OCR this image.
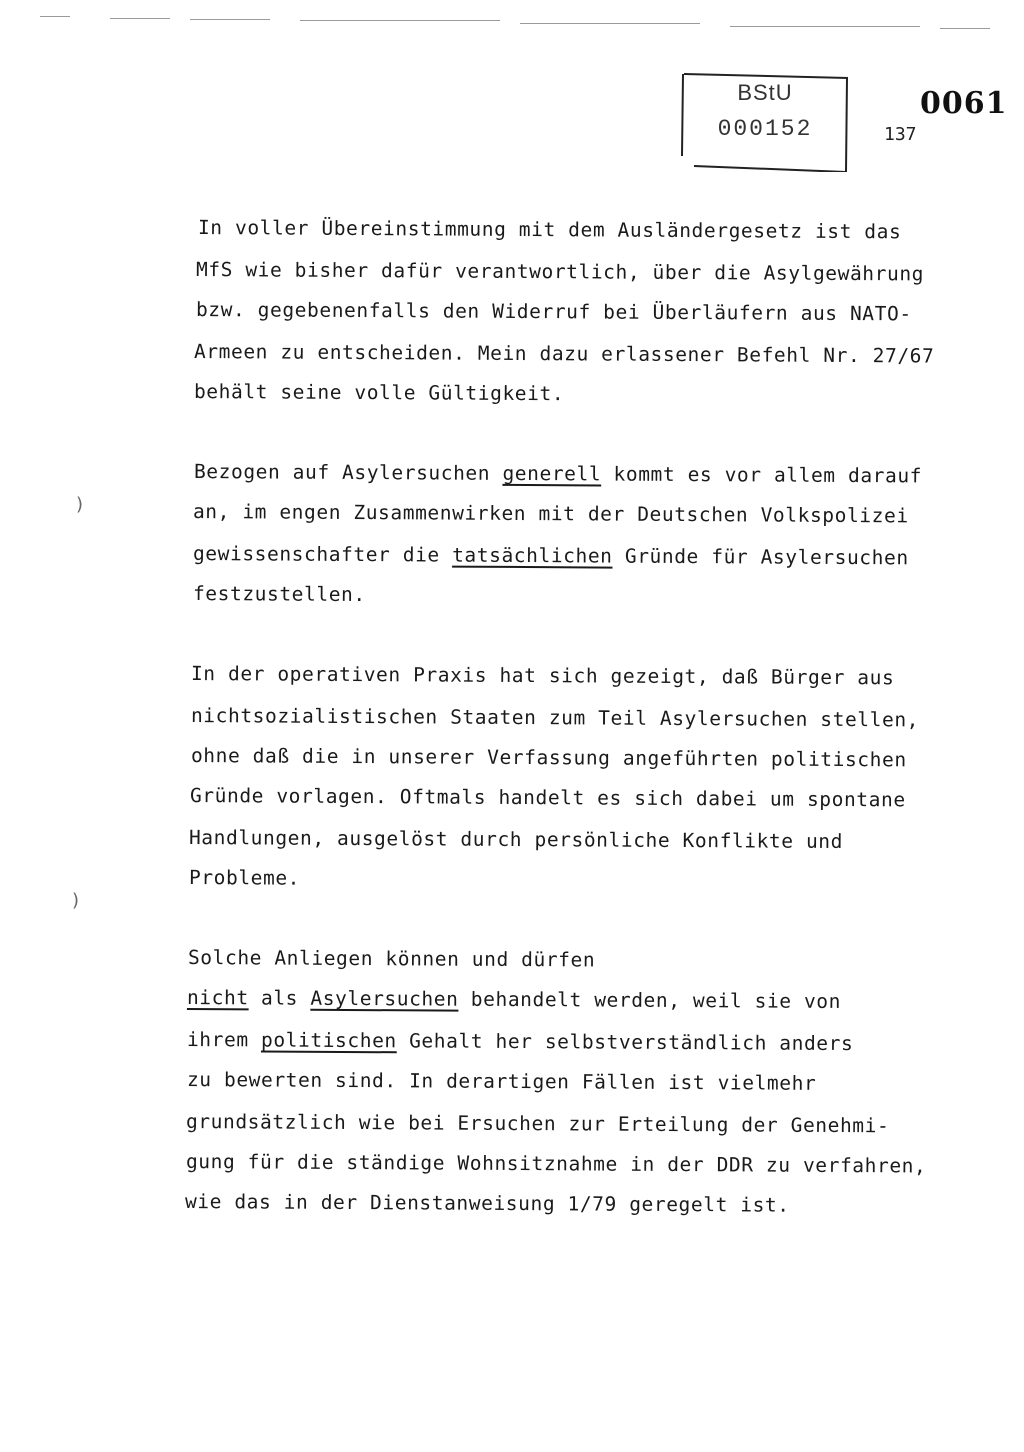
BStU
000152
0061
137
In voller Übereinstimmung mit dem Ausländergesetz ist das
MfS wie bisher dafür verantwortlich, über die Asylgewährung
bzw. gegebenenfalls den Widerruf bei Überläufern aus NATO-
Armeen zu entscheiden. Mein dazu erlassener Befehl Nr. 27/67
behält seine volle Gültigkeit.
Bezogen auf Asylersuchen generell kommt es vor allem darauf
an, im engen Zusammenwirken mit der Deutschen Volkspolizei
gewissenschafter die tatsächlichen Gründe für Asylersuchen
festzustellen.
In der operativen Praxis hat sich gezeigt, daß Bürger aus
nichtsozialistischen Staaten zum Teil Asylersuchen stellen,
ohne daß die in unserer Verfassung angeführten politischen
Gründe vorlagen. Oftmals handelt es sich dabei um spontane
Handlungen, ausgelöst durch persönliche Konflikte und
Probleme.
Solche Anliegen können und dürfen
nicht als Asylersuchen behandelt werden, weil sie von
ihrem politischen Gehalt her selbstverständlich anders
zu bewerten sind. In derartigen Fällen ist vielmehr
grundsätzlich wie bei Ersuchen zur Erteilung der Genehmi-
gung für die ständige Wohnsitznahme in der DDR zu verfahren,
wie das in der Dienstanweisung 1/79 geregelt ist.
)
)
